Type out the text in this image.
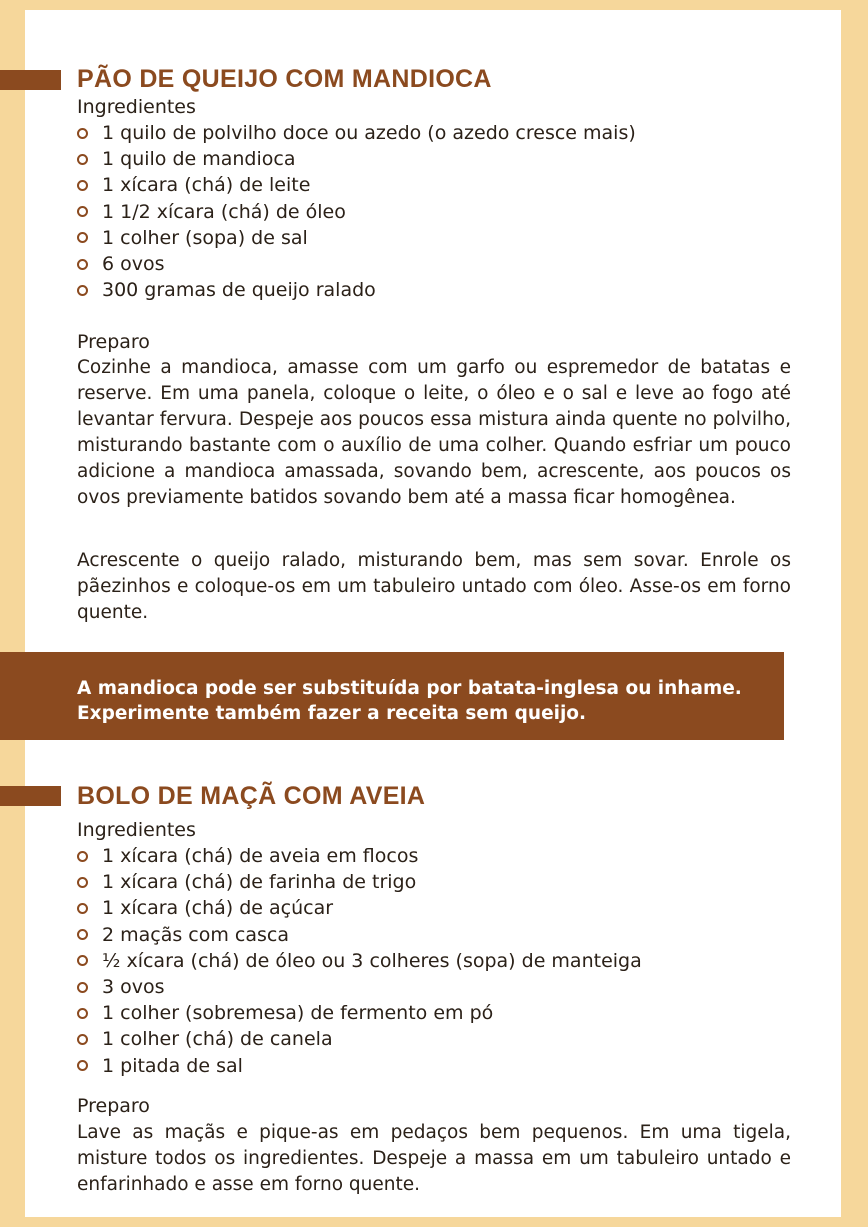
PÃO DE QUEIJO COM MANDIOCA
Ingredientes
1 quilo de polvilho doce ou azedo (o azedo cresce mais)
1 quilo de mandioca
1 xícara (chá) de leite
1 1/2 xícara (chá) de óleo
1 colher (sopa) de sal
6 ovos
300 gramas de queijo ralado
Preparo

Cozinhe a mandioca, amasse com um garfo ou espremedor de batatas e reserve. Em uma panela, coloque o leite, o óleo e o sal e leve ao fogo até levantar fervura. Despeje aos poucos essa mistura ainda quente no polvilho, misturando bastante com o auxílio de uma colher. Quando esfriar um pouco adicione a mandioca amassada, sovando bem, acrescente, aos poucos os ovos previamente batidos sovando bem até a massa ficar homogênea.

Acrescente o queijo ralado, misturando bem, mas sem sovar. Enrole os pãezinhos e coloque-os em um tabuleiro untado com óleo. Asse-os em forno quente.

A mandioca pode ser substituída por batata-inglesa ou inhame.

Experimente também fazer a receita sem queijo.

BOLO DE MAÇÃ COM AVEIA
Ingredientes
1 xícara (chá) de aveia em flocos
1 xícara (chá) de farinha de trigo
1 xícara (chá) de açúcar
2 maçãs com casca
½ xícara (chá) de óleo ou 3 colheres (sopa) de manteiga
3 ovos
1 colher (sobremesa) de fermento em pó
1 colher (chá) de canela
1 pitada de sal
Preparo

Lave as maçãs e pique-as em pedaços bem pequenos. Em uma tigela, misture todos os ingredientes. Despeje a massa em um tabuleiro untado e enfarinhado e asse em forno quente.
